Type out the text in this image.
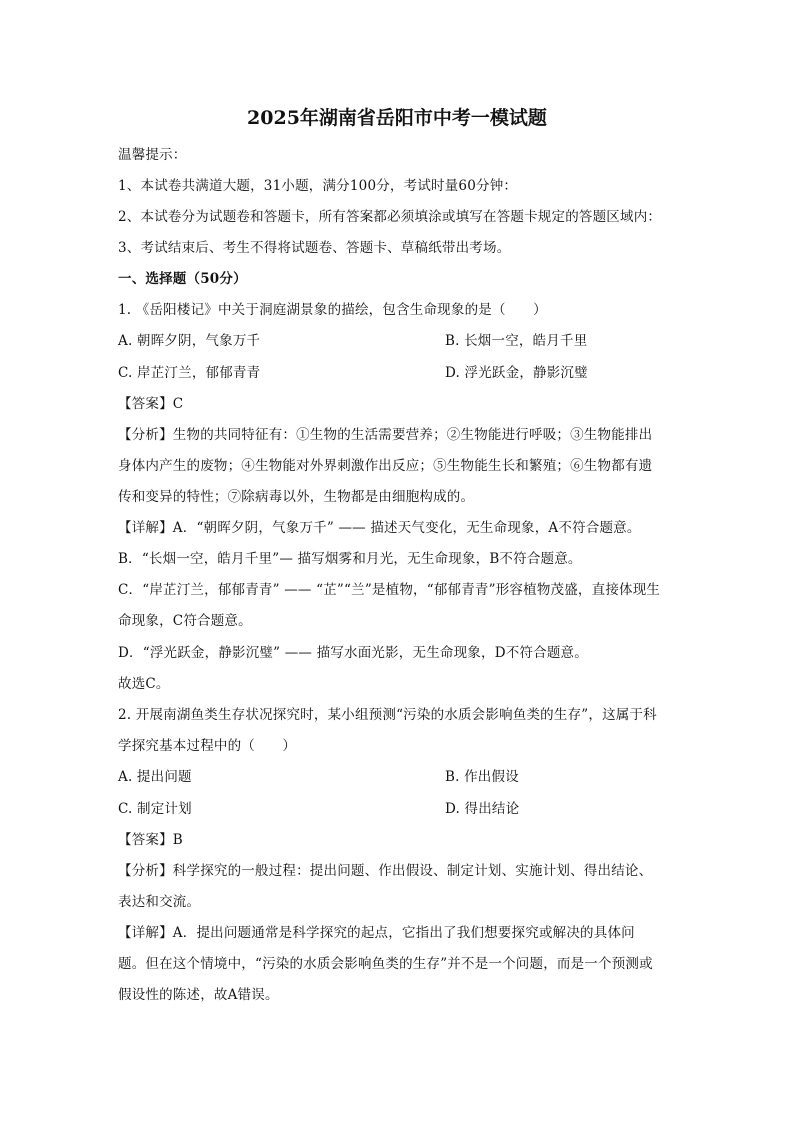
2025年湖南省岳阳市中考一模试题
温馨提示：
1、本试卷共满道大题，31小题，满分100分，考试时量60分钟：
2、本试卷分为试题卷和答题卡，所有答案都必须填涂或填写在答题卡规定的答题区域内：
3、考试结束后、考生不得将试题卷、答题卡、草稿纸带出考场。
一、选择题（50分）
1. 《岳阳楼记》中关于洞庭湖景象的描绘，包含生命现象的是（　　）
A. 朝晖夕阴，气象万千	B. 长烟一空，皓月千里
C. 岸芷汀兰，郁郁青青	D. 浮光跃金，静影沉璧
【答案】C
【分析】生物的共同特征有：①生物的生活需要营养；②生物能进行呼吸；③生物能排出
身体内产生的废物；④生物能对外界刺激作出反应；⑤生物能生长和繁殖；⑥生物都有遗
传和变异的特性；⑦除病毒以外，生物都是由细胞构成的。
【详解】A．“朝晖夕阴，气象万千” —— 描述天气变化，无生命现象，A不符合题意。
B．“长烟一空，皓月千里”— 描写烟雾和月光，无生命现象，B不符合题意。
C．“岸芷汀兰，郁郁青青” —— “芷”“兰”是植物，“郁郁青青”形容植物茂盛，直接体现生
命现象，C符合题意。
D．“浮光跃金，静影沉璧” —— 描写水面光影，无生命现象，D不符合题意。
故选C。
2. 开展南湖鱼类生存状况探究时，某小组预测“污染的水质会影响鱼类的生存”，这属于科
学探究基本过程中的（　　）
A. 提出问题	B. 作出假设
C. 制定计划	D. 得出结论
【答案】B
【分析】科学探究的一般过程：提出问题、作出假设、制定计划、实施计划、得出结论、
表达和交流。
【详解】A．提出问题通常是科学探究的起点，它指出了我们想要探究或解决的具体问
题。但在这个情境中，“污染的水质会影响鱼类的生存”并不是一个问题，而是一个预测或
假设性的陈述，故A错误。
